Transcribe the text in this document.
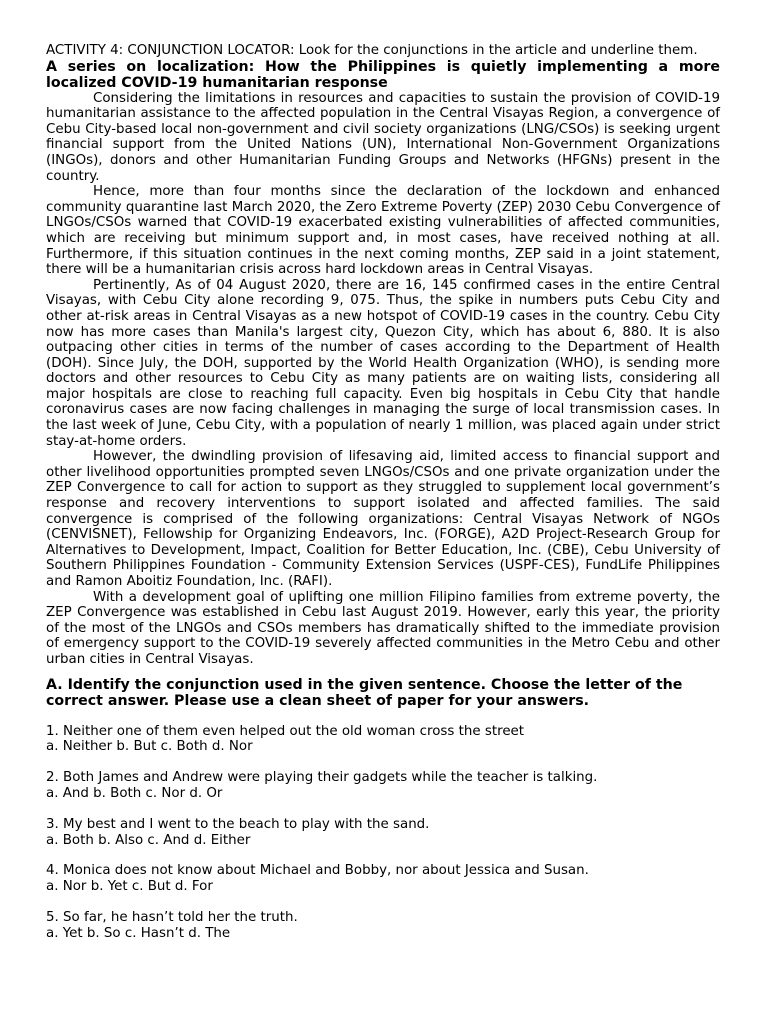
ACTIVITY 4: CONJUNCTION LOCATOR: Look for the conjunctions in the article and underline them.

A series on localization: How the Philippines is quietly implementing a more localized COVID-19 humanitarian response

Considering the limitations in resources and capacities to sustain the provision of COVID-19 humanitarian assistance to the affected population in the Central Visayas Region, a convergence of Cebu City-based local non-government and civil society organizations (LNG/CSOs) is seeking urgent financial support from the United Nations (UN), International Non-Government Organizations (INGOs), donors and other Humanitarian Funding Groups and Networks (HFGNs) present in the country.

Hence, more than four months since the declaration of the lockdown and enhanced community quarantine last March 2020, the Zero Extreme Poverty (ZEP) 2030 Cebu Convergence of LNGOs/CSOs warned that COVID-19 exacerbated existing vulnerabilities of affected communities, which are receiving but minimum support and, in most cases, have received nothing at all. Furthermore, if this situation continues in the next coming months, ZEP said in a joint statement, there will be a humanitarian crisis across hard lockdown areas in Central Visayas.

Pertinently, As of 04 August 2020, there are 16, 145 confirmed cases in the entire Central Visayas, with Cebu City alone recording 9, 075. Thus, the spike in numbers puts Cebu City and other at-risk areas in Central Visayas as a new hotspot of COVID-19 cases in the country. Cebu City now has more cases than Manila's largest city, Quezon City, which has about 6, 880. It is also outpacing other cities in terms of the number of cases according to the Department of Health (DOH). Since July, the DOH, supported by the World Health Organization (WHO), is sending more doctors and other resources to Cebu City as many patients are on waiting lists, considering all major hospitals are close to reaching full capacity. Even big hospitals in Cebu City that handle coronavirus cases are now facing challenges in managing the surge of local transmission cases. In the last week of June, Cebu City, with a population of nearly 1 million, was placed again under strict stay-at-home orders.

However, the dwindling provision of lifesaving aid, limited access to financial support and other livelihood opportunities prompted seven LNGOs/CSOs and one private organization under the ZEP Convergence to call for action to support as they struggled to supplement local government’s response and recovery interventions to support isolated and affected families. The said convergence is comprised of the following organizations: Central Visayas Network of NGOs (CENVISNET), Fellowship for Organizing Endeavors, Inc. (FORGE), A2D Project-Research Group for Alternatives to Development, Impact, Coalition for Better Education, Inc. (CBE), Cebu University of Southern Philippines Foundation - Community Extension Services (USPF-CES), FundLife Philippines and Ramon Aboitiz Foundation, Inc. (RAFI).

With a development goal of uplifting one million Filipino families from extreme poverty, the ZEP Convergence was established in Cebu last August 2019. However, early this year, the priority of the most of the LNGOs and CSOs members has dramatically shifted to the immediate provision of emergency support to the COVID-19 severely affected communities in the Metro Cebu and other urban cities in Central Visayas.

A. Identify the conjunction used in the given sentence. Choose the letter of the correct answer. Please use a clean sheet of paper for your answers.

1. Neither one of them even helped out the old woman cross the street
a. Neither b. But c. Both d. Nor
2. Both James and Andrew were playing their gadgets while the teacher is talking.
a. And b. Both c. Nor d. Or
3. My best and I went to the beach to play with the sand.
a. Both b. Also c. And d. Either
4. Monica does not know about Michael and Bobby, nor about Jessica and Susan.
a. Nor b. Yet c. But d. For
5. So far, he hasn’t told her the truth.
a. Yet b. So c. Hasn’t d. The
